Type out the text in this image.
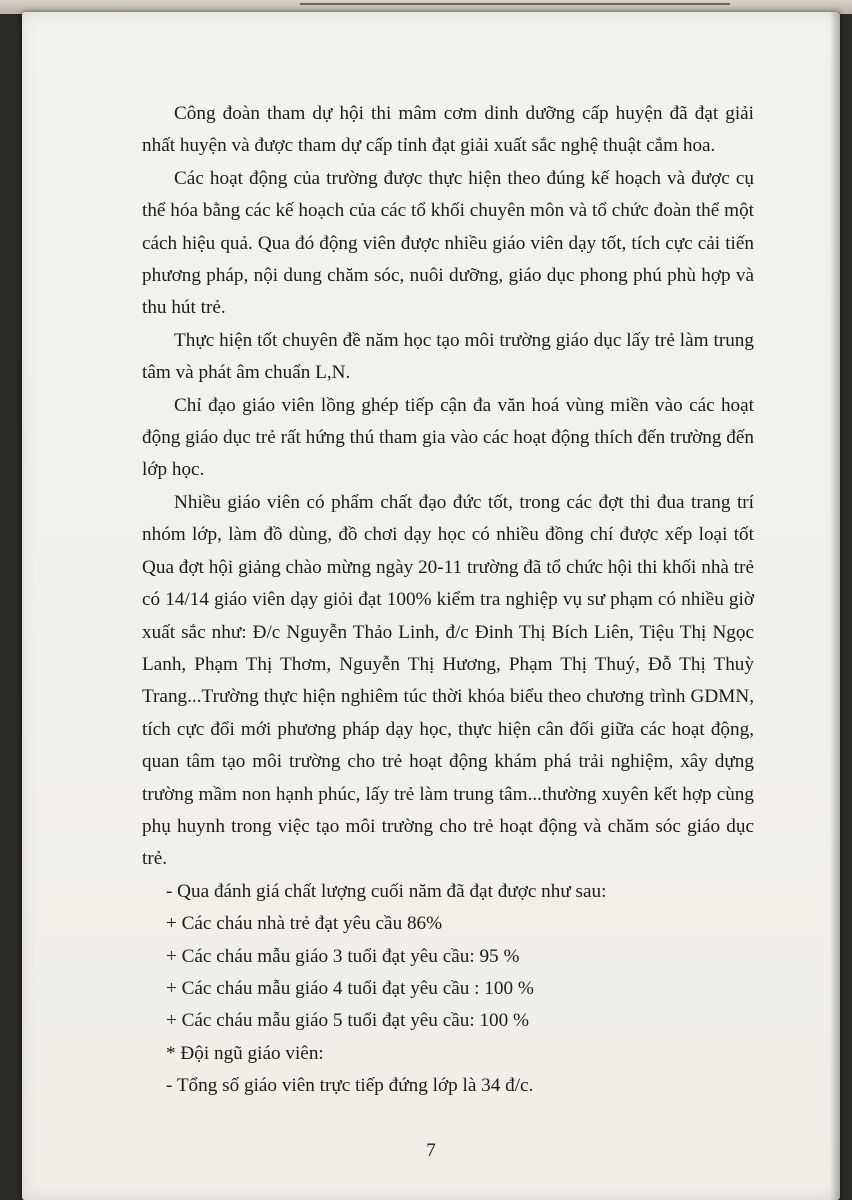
Công đoàn tham dự hội thi mâm cơm dinh dưỡng cấp huyện đã đạt giải nhất huyện và được tham dự cấp tỉnh đạt giải xuất sắc nghệ thuật cắm hoa.

Các hoạt động của trường được thực hiện theo đúng kế hoạch và được cụ thể hóa bằng các kế hoạch của các tổ khối chuyên môn và tổ chức đoàn thể một cách hiệu quả. Qua đó động viên được nhiều giáo viên dạy tốt, tích cực cải tiến phương pháp, nội dung chăm sóc, nuôi dưỡng, giáo dục phong phú phù hợp và thu hút trẻ.

Thực hiện tốt chuyên đề năm học tạo môi trường giáo dục lấy trẻ làm trung tâm và phát âm chuẩn L,N.

Chỉ đạo giáo viên lồng ghép tiếp cận đa văn hoá vùng miền vào các hoạt động giáo dục trẻ rất hứng thú tham gia vào các hoạt động thích đến trường đến lớp học.

Nhiều giáo viên có phẩm chất đạo đức tốt, trong các đợt thi đua trang trí nhóm lớp, làm đồ dùng, đồ chơi dạy học có nhiều đồng chí được xếp loại tốt Qua đợt hội giảng chào mừng ngày 20-11 trường đã tổ chức hội thi khối nhà trẻ có 14/14 giáo viên dạy giỏi đạt 100% kiểm tra nghiệp vụ sư phạm có nhiều giờ xuất sắc như: Đ/c Nguyễn Thảo Linh, đ/c Đinh Thị Bích Liên, Tiệu Thị Ngọc Lanh, Phạm Thị Thơm, Nguyễn Thị Hương, Phạm Thị Thuý, Đỗ Thị Thuỳ Trang...Trường thực hiện nghiêm túc thời khóa biểu theo chương trình GDMN, tích cực đổi mới phương pháp dạy học, thực hiện cân đối giữa các hoạt động, quan tâm tạo môi trường cho trẻ hoạt động khám phá trải nghiệm, xây dựng trường mầm non hạnh phúc, lấy trẻ làm trung tâm...thường xuyên kết hợp cùng phụ huynh trong việc tạo môi trường cho trẻ hoạt động và chăm sóc giáo dục trẻ.

- Qua đánh giá chất lượng cuối năm đã đạt được như sau:

+ Các cháu nhà trẻ đạt yêu cầu 86%

+ Các cháu mẫu giáo 3 tuổi đạt yêu cầu: 95 %

+ Các cháu mẫu giáo 4 tuổi đạt yêu cầu : 100 %

+ Các cháu mẫu giáo 5 tuổi đạt yêu cầu: 100 %

* Đội ngũ giáo viên:

- Tổng số giáo viên trực tiếp đứng lớp là 34 đ/c.

7
